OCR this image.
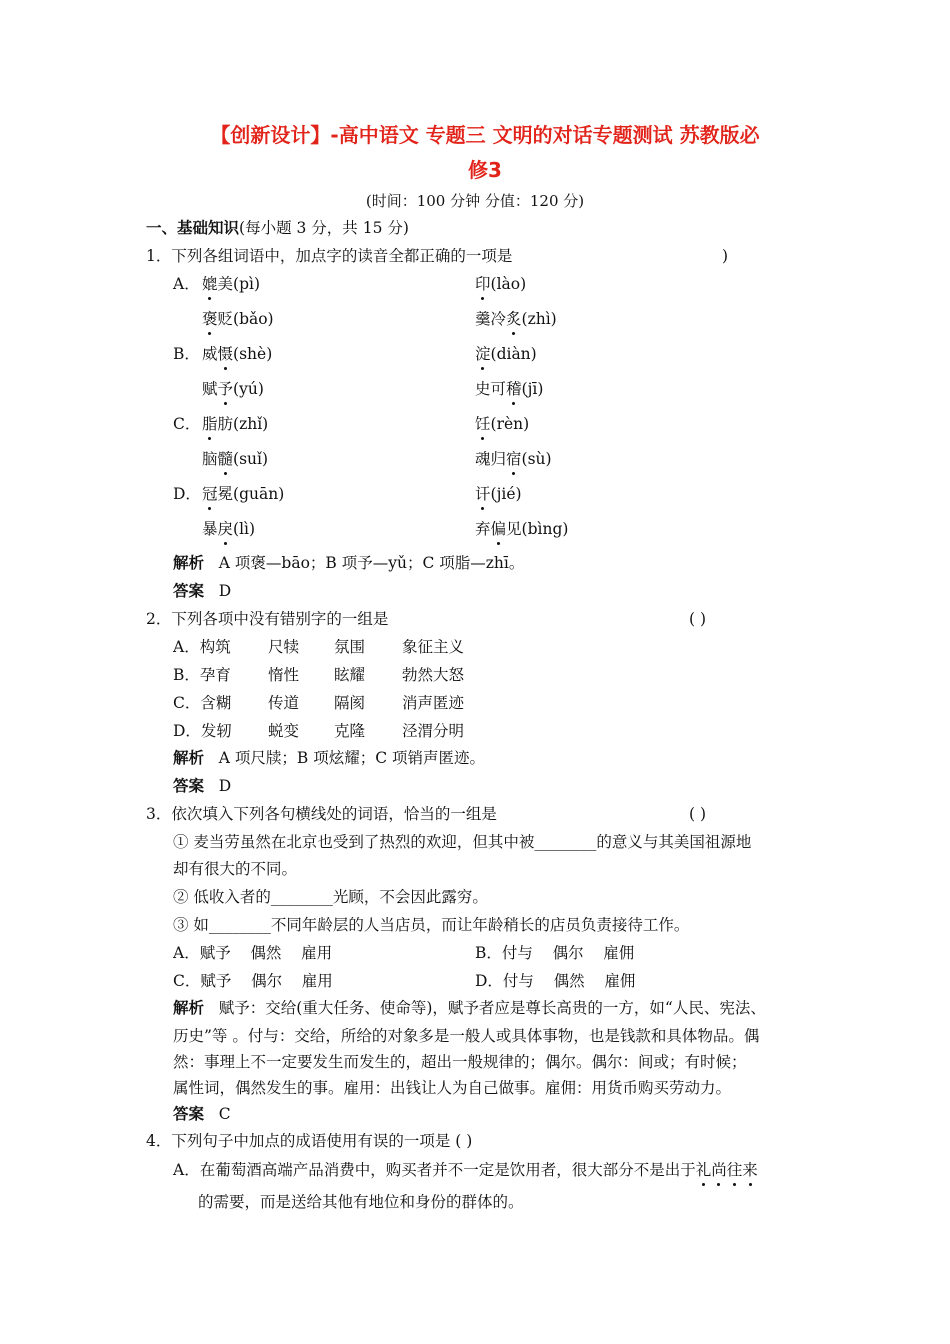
【创新设计】-高中语文 专题三 文明的对话专题测试 苏教版必
修3
(时间：100 分钟 分值：120 分)
一、基础知识(每小题 3 分，共 15 分)
1．下列各组词语中，加点字的读音全都正确的一项是	)
A． 媲美(pì)	印(lào)
褒贬(bǎo)	羹冷炙(zhì)
B． 威慑(shè)	淀(diàn)
赋予(yú)	史可稽(jī)
C． 脂肪(zhǐ)	饪(rèn)
脑髓(suǐ)	魂归宿(sù)
D． 冠冕(guān)	讦(jié)
暴戾(lì)	弃偏见(bìng)
解析 A 项褒—bāo；B 项予—yǔ；C 项脂—zhī。
答案 D
2．下列各项中没有错别字的一组是	( )
A．构筑 尺犊 氛围 象征主义
B．孕育 惰性 眩耀 勃然大怒
C．含糊 传道 隔阂 消声匿迹
D．发轫 蜕变 克隆 泾渭分明
解析 A 项尺牍；B 项炫耀；C 项销声匿迹。
答案 D
3．依次填入下列各句横线处的词语，恰当的一组是	( )
① 麦当劳虽然在北京也受到了热烈的欢迎，但其中被________的意义与其美国祖源地
却有很大的不同。
② 低收入者的________光顾，不会因此露穷。
③ 如________不同年龄层的人当店员，而让年龄稍长的店员负责接待工作。
A．赋予    偶然    雇用	B．付与    偶尔    雇佣
C．赋予    偶尔    雇用	D．付与    偶然    雇佣
解析 赋予：交给(重大任务、使命等)，赋予者应是尊长高贵的一方，如“人民、宪法、
历史”等 。付与：交给，所给的对象多是一般人或具体事物，也是钱款和具体物品。偶
然：事理上不一定要发生而发生的，超出一般规律的；偶尔。偶尔：间或；有时候；
属性词，偶然发生的事。雇用：出钱让人为自己做事。雇佣：用货币购买劳动力。
答案 C
4．下列句子中加点的成语使用有误的一项是 ( )
A．在葡萄酒高端产品消费中，购买者并不一定是饮用者，很大部分不是出于礼尚往来
的需要，而是送给其他有地位和身份的群体的。
